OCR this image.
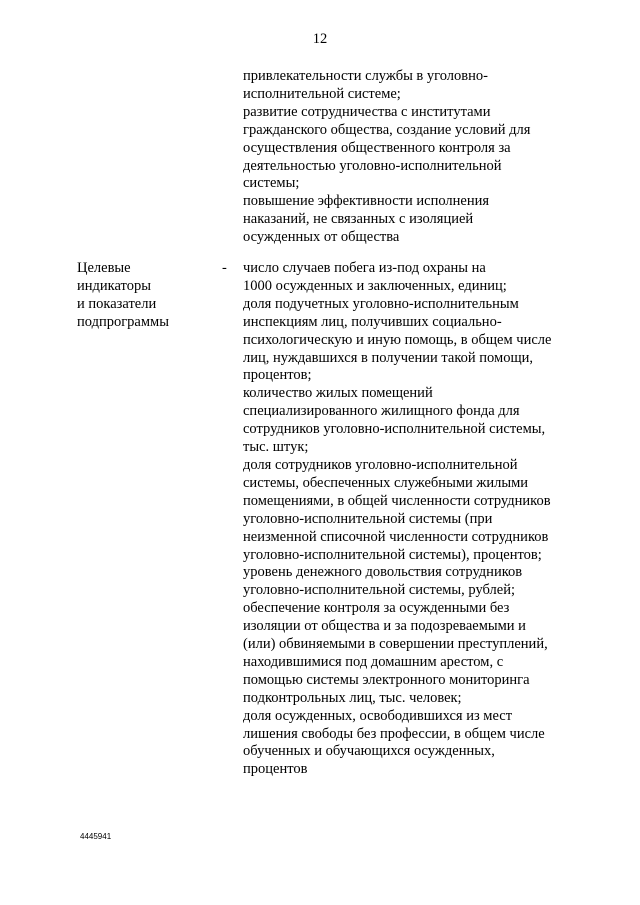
12
привлекательности службы в уголовно-
исполнительной системе;
развитие сотрудничества с институтами
гражданского общества, создание условий для
осуществления общественного контроля за
деятельностью уголовно-исполнительной
системы;
повышение эффективности исполнения
наказаний, не связанных с изоляцией
осужденных от общества
Целевые
индикаторы
и показатели
подпрограммы
- число случаев побега из-под охраны на
1000 осужденных и заключенных, единиц;
доля подучетных уголовно-исполнительным
инспекциям лиц, получивших социально-
психологическую и иную помощь, в общем числе
лиц, нуждавшихся в получении такой помощи,
процентов;
количество жилых помещений
специализированного жилищного фонда для
сотрудников уголовно-исполнительной системы,
тыс. штук;
доля сотрудников уголовно-исполнительной
системы, обеспеченных служебными жилыми
помещениями, в общей численности сотрудников
уголовно-исполнительной системы (при
неизменной списочной численности сотрудников
уголовно-исполнительной системы), процентов;
уровень денежного довольствия сотрудников
уголовно-исполнительной системы, рублей;
обеспечение контроля за осужденными без
изоляции от общества и за подозреваемыми и
(или) обвиняемыми в совершении преступлений,
находившимися под домашним арестом, с
помощью системы электронного мониторинга
подконтрольных лиц, тыс. человек;
доля осужденных, освободившихся из мест
лишения свободы без профессии, в общем числе
обученных и обучающихся осужденных,
процентов
4445941
